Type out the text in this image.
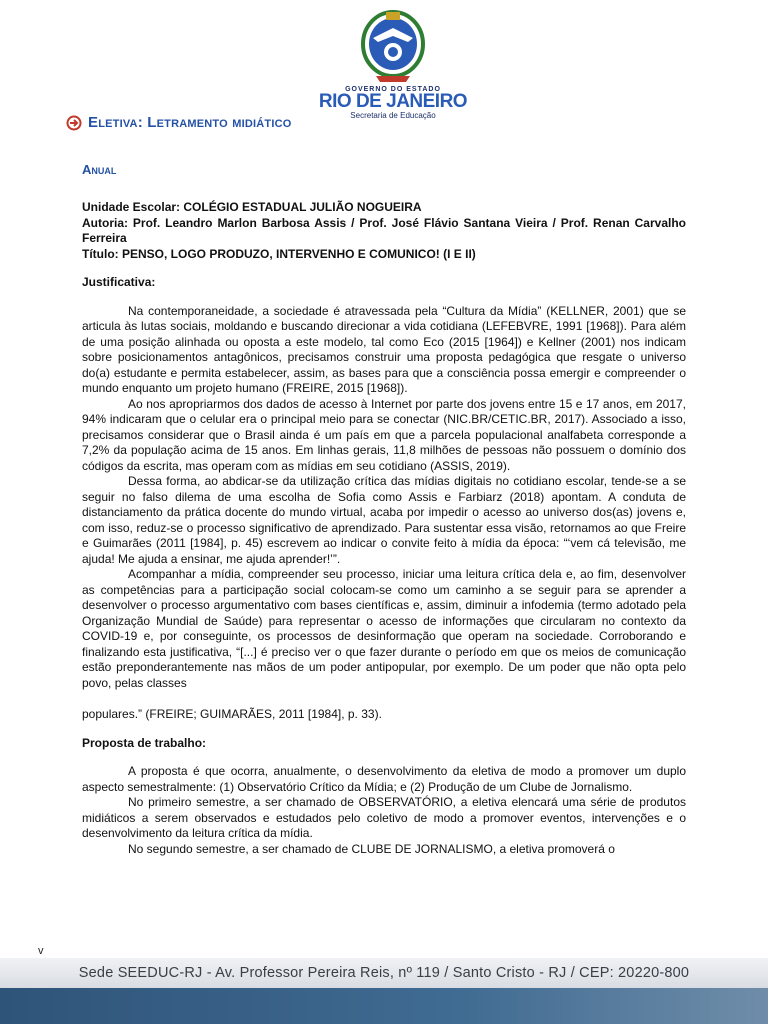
GOVERNO DO ESTADO
RIO DE JANEIRO
Secretaria de Educação
Eletiva: Letramento midiático
Anual
Unidade Escolar: COLÉGIO ESTADUAL JULIÃO NOGUEIRA
Autoria: Prof. Leandro Marlon Barbosa Assis / Prof. José Flávio Santana Vieira / Prof. Renan Carvalho Ferreira
Título: PENSO, LOGO PRODUZO, INTERVENHO E COMUNICO! (I E II)
Justificativa:

Na contemporaneidade, a sociedade é atravessada pela “Cultura da Mídia” (KELLNER, 2001) que se articula às lutas sociais, moldando e buscando direcionar a vida cotidiana (LEFEBVRE, 1991 [1968]). Para além de uma posição alinhada ou oposta a este modelo, tal como Eco (2015 [1964]) e Kellner (2001) nos indicam sobre posicionamentos antagônicos, precisamos construir uma proposta pedagógica que resgate o universo do(a) estudante e permita estabelecer, assim, as bases para que a consciência possa emergir e compreender o mundo enquanto um projeto humano (FREIRE, 2015 [1968]).

Ao nos apropriarmos dos dados de acesso à Internet por parte dos jovens entre 15 e 17 anos, em 2017, 94% indicaram que o celular era o principal meio para se conectar (NIC.BR/CETIC.BR, 2017). Associado a isso, precisamos considerar que o Brasil ainda é um país em que a parcela populacional analfabeta corresponde a 7,2% da população acima de 15 anos. Em linhas gerais, 11,8 milhões de pessoas não possuem o domínio dos códigos da escrita, mas operam com as mídias em seu cotidiano (ASSIS, 2019).

Dessa forma, ao abdicar-se da utilização crítica das mídias digitais no cotidiano escolar, tende-se a se seguir no falso dilema de uma escolha de Sofia como Assis e Farbiarz (2018) apontam. A conduta de distanciamento da prática docente do mundo virtual, acaba por impedir o acesso ao universo dos(as) jovens e, com isso, reduz-se o processo significativo de aprendizado. Para sustentar essa visão, retornamos ao que Freire e Guimarães (2011 [1984], p. 45) escrevem ao indicar o convite feito à mídia da época: “‘vem cá televisão, me ajuda! Me ajuda a ensinar, me ajuda aprender!’”.

Acompanhar a mídia, compreender seu processo, iniciar uma leitura crítica dela e, ao fim, desenvolver as competências para a participação social colocam-se como um caminho a se seguir para se aprender a desenvolver o processo argumentativo com bases científicas e, assim, diminuir a infodemia (termo adotado pela Organização Mundial de Saúde) para representar o acesso de informações que circularam no contexto da COVID-19 e, por conseguinte, os processos de desinformação que operam na sociedade. Corroborando e finalizando esta justificativa, “[...] é preciso ver o que fazer durante o período em que os meios de comunicação estão preponderantemente nas mãos de um poder antipopular, por exemplo. De um poder que não opta pelo povo, pelas classes

populares.” (FREIRE; GUIMARÃES, 2011 [1984], p. 33).

Proposta de trabalho:

A proposta é que ocorra, anualmente, o desenvolvimento da eletiva de modo a promover um duplo aspecto semestralmente: (1) Observatório Crítico da Mídia; e (2) Produção de um Clube de Jornalismo.

No primeiro semestre, a ser chamado de OBSERVATÓRIO, a eletiva elencará uma série de produtos midiáticos a serem observados e estudados pelo coletivo de modo a promover eventos, intervenções e o desenvolvimento da leitura crítica da mídia.

No segundo semestre, a ser chamado de CLUBE DE JORNALISMO, a eletiva promoverá o

v
Sede SEEDUC-RJ - Av. Professor Pereira Reis, nº 119 / Santo Cristo - RJ / CEP: 20220-800
